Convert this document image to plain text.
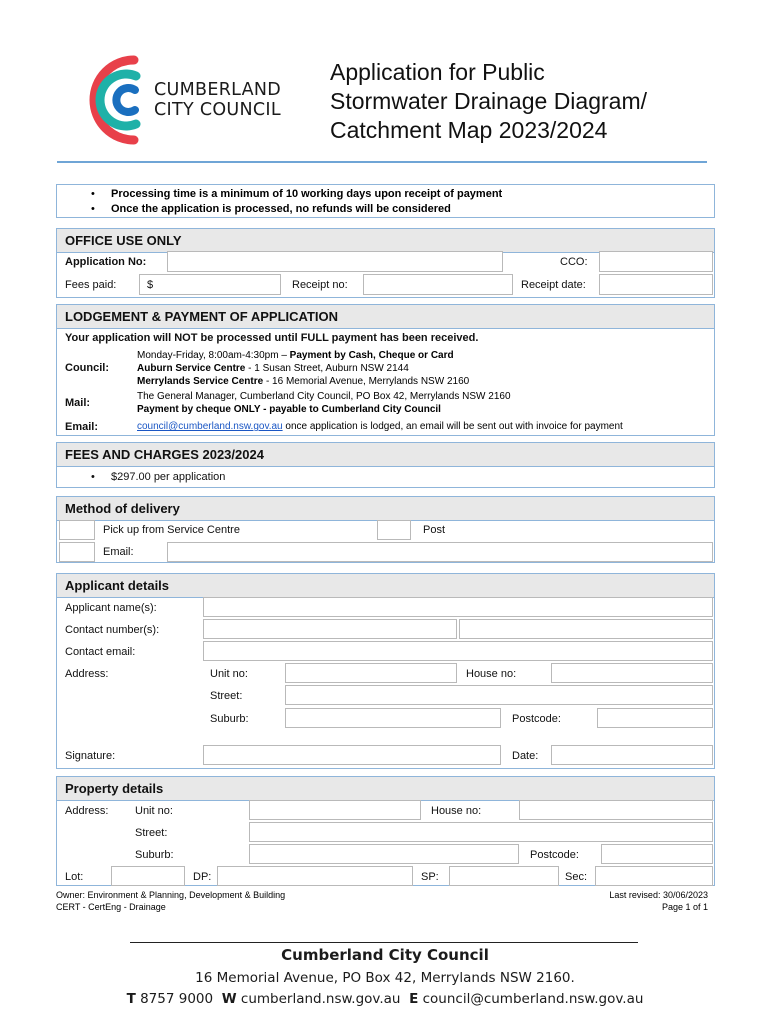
CUMBERLAND
CITY COUNCIL
Application for Public
Stormwater Drainage Diagram/
Catchment Map 2023/2024
• Processing time is a minimum of 10 working days upon receipt of payment
• Once the application is processed, no refunds will be considered
OFFICE USE ONLY
Application No:	CCO:
Fees paid:	$	Receipt no:	Receipt date:
LODGEMENT & PAYMENT OF APPLICATION
Your application will NOT be processed until FULL payment has been received.
Council:
Monday-Friday, 8:00am-4:30pm – Payment by Cash, Cheque or Card
Auburn Service Centre - 1 Susan Street, Auburn NSW 2144
Merrylands Service Centre - 16 Memorial Avenue, Merrylands NSW 2160
Mail:
The General Manager, Cumberland City Council, PO Box 42, Merrylands NSW 2160
Payment by cheque ONLY - payable to Cumberland City Council
Email:	council@cumberland.nsw.gov.au once application is lodged, an email will be sent out with invoice for payment
FEES AND CHARGES 2023/2024
• $297.00 per application
Method of delivery
Pick up from Service Centre	Post
Email:
Applicant details
Applicant name(s):
Contact number(s):
Contact email:
Address:	Unit no:	House no:
Street:
Suburb:	Postcode:
Signature:	Date:
Property details
Address: Unit no:	House no:
Street:
Suburb:	Postcode:
Lot:	DP:	SP:	Sec:
Owner: Environment & Planning, Development & Building
CERT - CertEng - Drainage
Last revised: 30/06/2023
Page 1 of 1
Cumberland City Council
16 Memorial Avenue, PO Box 42, Merrylands NSW 2160.
T 8757 9000 W cumberland.nsw.gov.au E council@cumberland.nsw.gov.au
